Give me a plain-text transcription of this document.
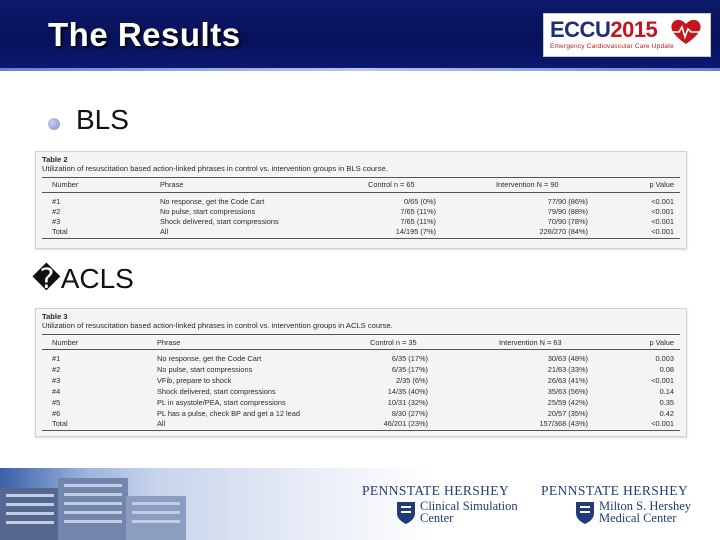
The Results	ECCU2015
Emergency Cardiovascular Care Update
BLS
Table 2
Utilization of resuscitation based action-linked phrases in control vs. intervention groups in BLS course.
Number	Phrase	Control n = 65	Intervention N = 90	p Value
#1	No response, get the Code Cart	0/65 (0%)	77/90 (86%)	<0.001
#2	No pulse, start compressions	7/65 (11%)	79/90 (88%)	<0.001
#3	Shock delivered, start compressions	7/65 (11%)	70/90 (78%)	<0.001
Total	All	14/195 (7%)	226/270 (84%)	<0.001
�ACLS
Table 3
Utilization of resuscitation based action-linked phrases in control vs. intervention groups in ACLS course.
Number	Phrase	Control n = 35	Intervention N = 63	p Value
#1	No response, get the Code Cart	6/35 (17%)	30/63 (48%)	0.003
#2	No pulse, start compressions	6/35 (17%)	21/63 (33%)	0.08
#3	VFib, prepare to shock	2/35 (6%)	26/63 (41%)	<0.001
#4	Shock delivered, start compressions	14/35 (40%)	35/63 (56%)	0.14
#5	PL in asystole/PEA, start compressions	10/31 (32%)	25/59 (42%)	0.35
#6	PL has a pulse, check BP and get a 12 lead	8/30 (27%)	20/57 (35%)	0.42
Total	All	46/201 (23%)	157/368 (43%)	<0.001
PENNSTATE HERSHEY
Clinical Simulation
Center
PENNSTATE HERSHEY
Milton S. Hershey
Medical Center
